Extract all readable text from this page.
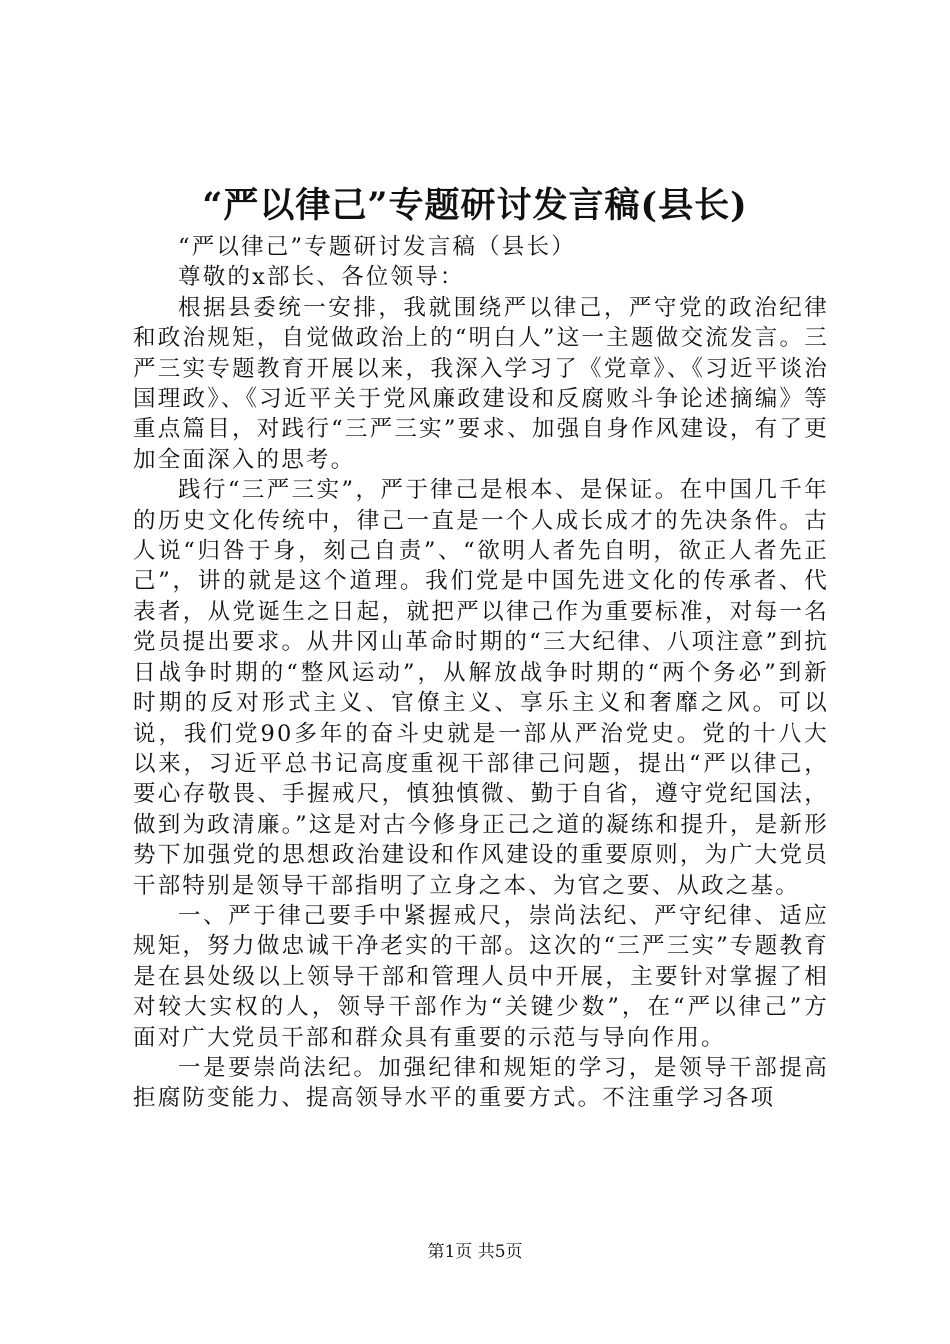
“严以律己”专题研讨发言稿(县长)

“严以律己”专题研讨发言稿（县长）

尊敬的x部长、各位领导：

根据县委统一安排，我就围绕严以律己，严守党的政治纪律和政治规矩，自觉做政治上的“明白人”这一主题做交流发言。三严三实专题教育开展以来，我深入学习了《党章》、《习近平谈治国理政》、《习近平关于党风廉政建设和反腐败斗争论述摘编》等重点篇目，对践行“三严三实”要求、加强自身作风建设，有了更加全面深入的思考。

践行“三严三实”，严于律己是根本、是保证。在中国几千年的历史文化传统中，律己一直是一个人成长成才的先决条件。古人说“归咎于身，刻己自责”、“欲明人者先自明，欲正人者先正己”，讲的就是这个道理。我们党是中国先进文化的传承者、代表者，从党诞生之日起，就把严以律己作为重要标准，对每一名党员提出要求。从井冈山革命时期的“三大纪律、八项注意”到抗日战争时期的“整风运动”，从解放战争时期的“两个务必”到新时期的反对形式主义、官僚主义、享乐主义和奢靡之风。可以说，我们党90多年的奋斗史就是一部从严治党史。党的十八大以来，习近平总书记高度重视干部律己问题，提出“严以律己，要心存敬畏、手握戒尺，慎独慎微、勤于自省，遵守党纪国法，做到为政清廉。”这是对古今修身正己之道的凝练和提升，是新形势下加强党的思想政治建设和作风建设的重要原则，为广大党员干部特别是领导干部指明了立身之本、为官之要、从政之基。

一、严于律己要手中紧握戒尺，崇尚法纪、严守纪律、适应规矩，努力做忠诚干净老实的干部。这次的“三严三实”专题教育是在县处级以上领导干部和管理人员中开展，主要针对掌握了相对较大实权的人，领导干部作为“关键少数”，在“严以律己”方面对广大党员干部和群众具有重要的示范与导向作用。

一是要崇尚法纪。加强纪律和规矩的学习，是领导干部提高拒腐防变能力、提高领导水平的重要方式。不注重学习各项

第1页 共5页
